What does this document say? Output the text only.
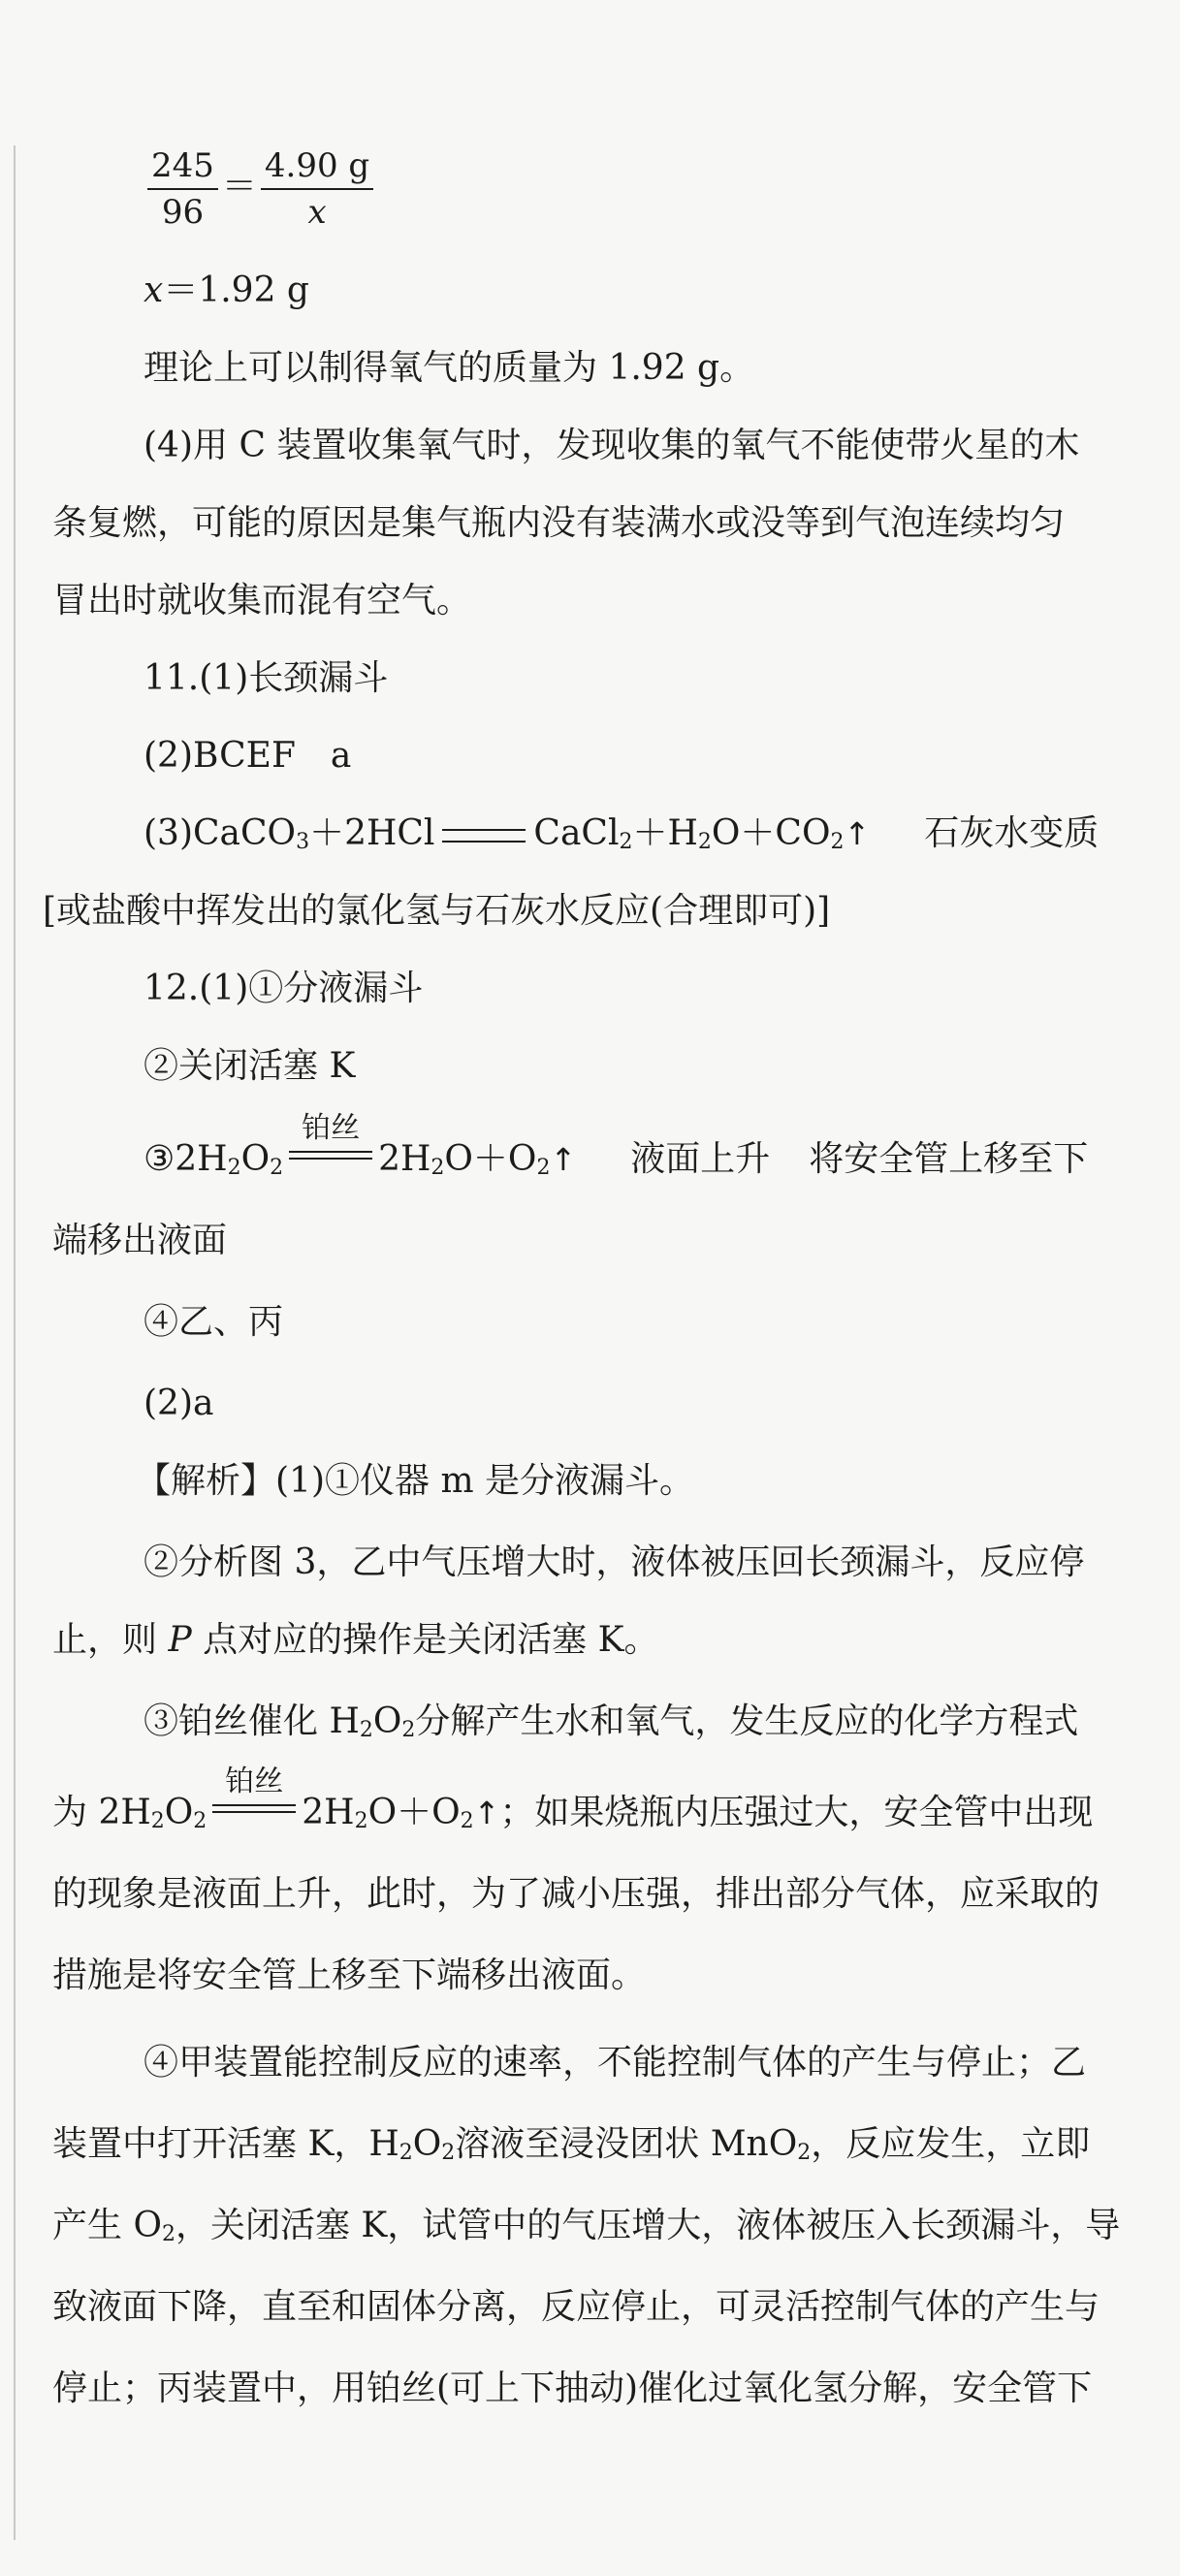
$\frac{245}{96} = \frac{4.90 g}{x}$
x＝1.92 g
理论上可以制得氧气的质量为 1.92 g。
(4)用 C 装置收集氧气时，发现收集的氧气不能使带火星的木
条复燃，可能的原因是集气瓶内没有装满水或没等到气泡连续均匀
冒出时就收集而混有空气。
11.(1)长颈漏斗
(2)BCEF　a
(3)CaCO$_3$＋2HCl	$CaCl_2+H_2O+CO_2↑$ 石灰水变质
[或盐酸中挥发出的氯化氢与石灰水反应(合理即可)]
12.(1)①分液漏斗
②关闭活塞 K
$③2H_2O_2$
铂丝
$2H_2O+O_2↑$ 液面上升 将安全管上移至下
端移出液面
④乙、丙
(2)a
【解析】(1)①仪器 m 是分液漏斗。
②分析图 3，乙中气压增大时，液体被压回长颈漏斗，反应停
止，则 P 点对应的操作是关闭活塞 K。
③铂丝催化 $H_2O_2$分解产生水和氧气，发生反应的化学方程式
为 $2H_2O_2$
铂丝
$2H_2O+O_2↑$；如果烧瓶内压强过大，安全管中出现
的现象是液面上升，此时，为了减小压强，排出部分气体，应采取的
措施是将安全管上移至下端移出液面。
④甲装置能控制反应的速率，不能控制气体的产生与停止；乙
装置中打开活塞 K，$H_2O_2$溶液至浸没团状 MnO$_2$，反应发生，立即
产生 $O_2$，关闭活塞 K，试管中的气压增大，液体被压入长颈漏斗，导
致液面下降，直至和固体分离，反应停止，可灵活控制气体的产生与
停止；丙装置中，用铂丝(可上下抽动)催化过氧化氢分解，安全管下
